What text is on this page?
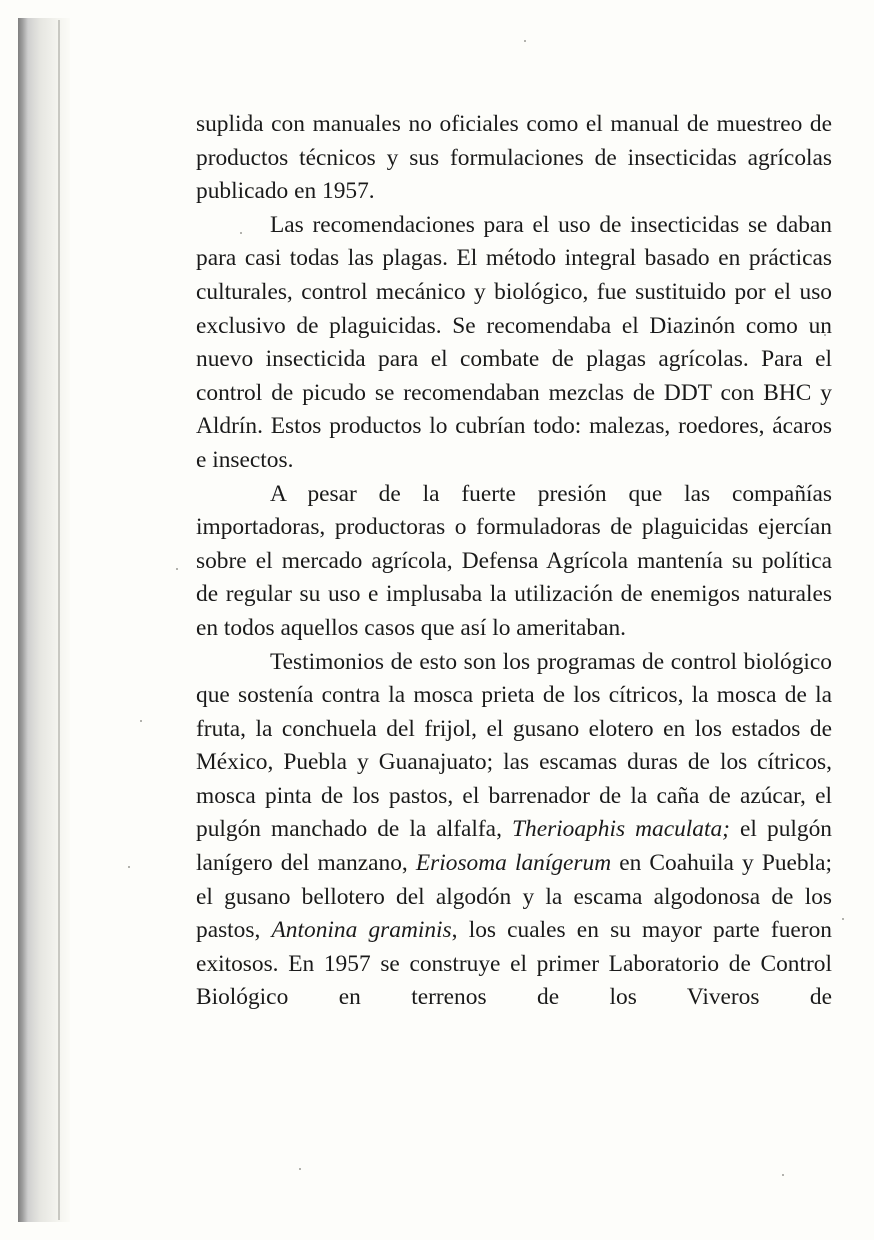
suplida con manuales no oficiales como el manual de muestreo de productos técnicos y sus formulaciones de insecticidas agrícolas publicado en 1957.

Las recomendaciones para el uso de insecticidas se daban para casi todas las plagas. El método integral basado en prácticas culturales, control mecánico y biológico, fue sustituido por el uso exclusivo de plaguicidas. Se recomendaba el Diazinón como un nuevo insecticida para el combate de plagas agrícolas. Para el control de picudo se recomendaban mezclas de DDT con BHC y Aldrín. Estos productos lo cubrían todo: malezas, roedores, ácaros e insectos.

A pesar de la fuerte presión que las compañías importadoras, productoras o formuladoras de plaguicidas ejercían sobre el mercado agrícola, Defensa Agrícola mantenía su política de regular su uso e implusaba la utilización de enemigos naturales en todos aquellos casos que así lo ameritaban.

Testimonios de esto son los programas de control biológico que sostenía contra la mosca prieta de los cítricos, la mosca de la fruta, la conchuela del frijol, el gusano elotero en los estados de México, Puebla y Guanajuato; las escamas duras de los cítricos, mosca pinta de los pastos, el barrenador de la caña de azúcar, el pulgón manchado de la alfalfa, Therioaphis maculata; el pulgón lanígero del manzano, Eriosoma lanígerum en Coahuila y Puebla; el gusano bellotero del algodón y la escama algodonosa de los pastos, Antonina graminis, los cuales en su mayor parte fueron exitosos. En 1957 se construye el primer Laboratorio de Control Biológico en terrenos de los Viveros de
